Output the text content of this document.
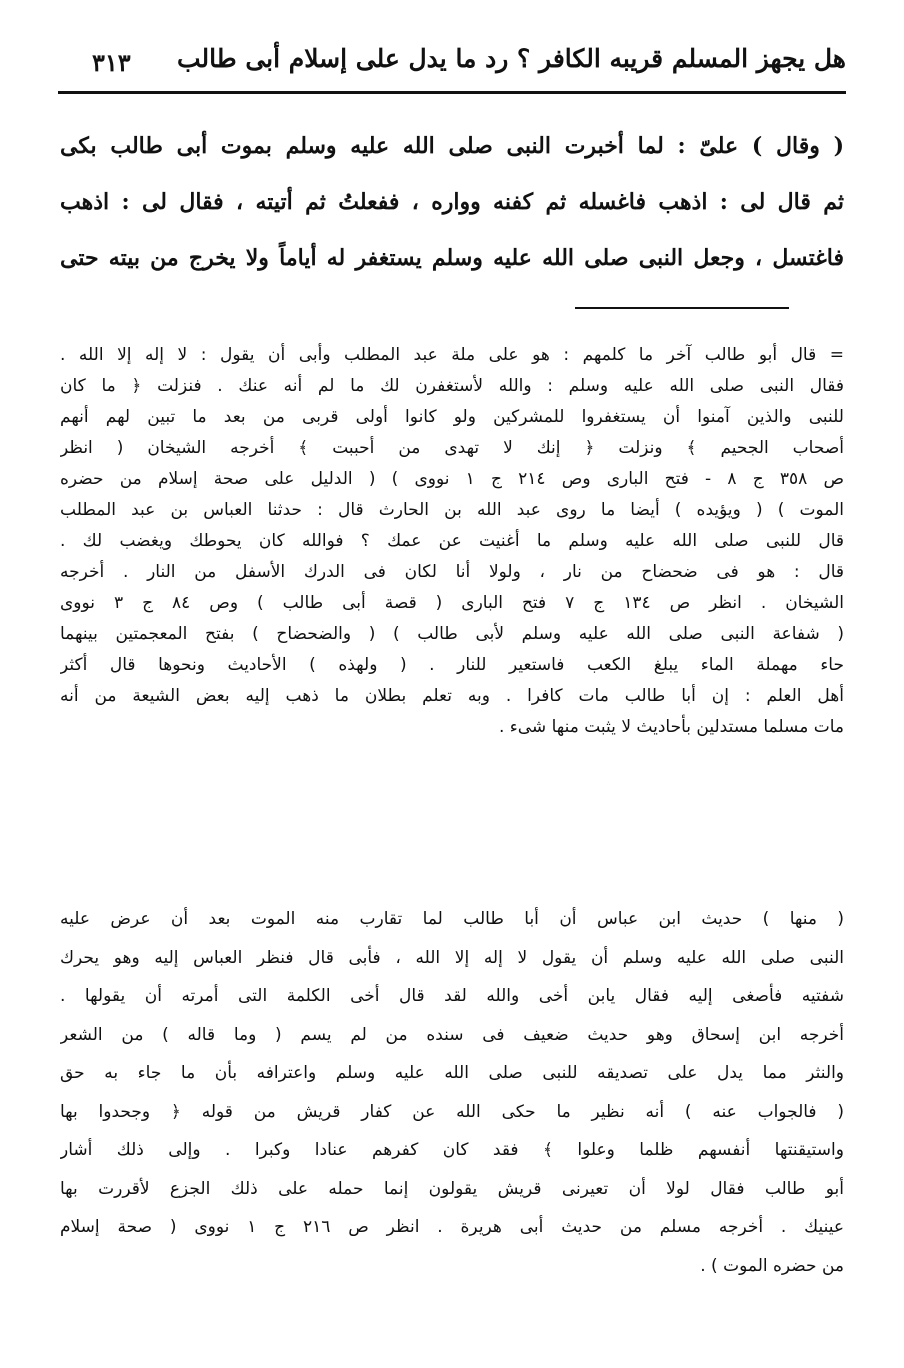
هل يجهز المسلم قريبه الكافر ؟ رد ما يدل على إسلام أبى طالب
٣١٣
( وقال ) علىّ : لما أخبرت النبى صلى الله عليه وسلم بموت أبى طالب بكى
ثم قال لى : اذهب فاغسله ثم كفنه وواره ، ففعلتُ ثم أتيته ، فقال لى : اذهب
فاغتسل ، وجعل النبى صلى الله عليه وسلم يستغفر له أياماً ولا يخرج من بيته حتى
= قال أبو طالب آخر ما كلمهم : هو على ملة عبد المطلب وأبى أن يقول : لا إله إلا الله .
فقال النبى صلى الله عليه وسلم : والله لأستغفرن لك ما لم أنه عنك . فنزلت ﴿ ما كان
للنبى والذين آمنوا أن يستغفروا للمشركين ولو كانوا أولى قربى من بعد ما تبين لهم أنهم
أصحاب الجحيم ﴾ ونزلت ﴿ إنك لا تهدى من أحببت ﴾ أخرجه الشيخان ( انظر
ص ٣٥٨ ج ٨ - فتح البارى وص ٢١٤ ج ١ نووى ) ( الدليل على صحة إسلام من حضره
الموت ) ( ويؤيده ) أيضا ما روى عبد الله بن الحارث قال : حدثنا العباس بن عبد المطلب
قال للنبى صلى الله عليه وسلم ما أغنيت عن عمك ؟ فوالله كان يحوطك ويغضب لك .
قال : هو فى ضحضاح من نار ، ولولا أنا لكان فى الدرك الأسفل من النار . أخرجه
الشيخان . انظر ص ١٣٤ ج ٧ فتح البارى ( قصة أبى طالب ) وص ٨٤ ج ٣ نووى
( شفاعة النبى صلى الله عليه وسلم لأبى طالب ) ( والضحضاح ) بفتح المعجمتين بينهما
حاء مهملة الماء يبلغ الكعب فاستعير للنار . ( ولهذه ) الأحاديث ونحوها قال أكثر
أهل العلم : إن أبا طالب مات كافرا . وبه تعلم بطلان ما ذهب إليه بعض الشيعة من أنه
مات مسلما مستدلين بأحاديث لا يثبت منها شىء .
( منها ) حديث ابن عباس أن أبا طالب لما تقارب منه الموت بعد أن عرض عليه
النبى صلى الله عليه وسلم أن يقول لا إله إلا الله ، فأبى قال فنظر العباس إليه وهو يحرك
شفتيه فأصغى إليه فقال يابن أخى والله لقد قال أخى الكلمة التى أمرته أن يقولها .
أخرجه ابن إسحاق وهو حديث ضعيف فى سنده من لم يسم ( وما قاله ) من الشعر
والنثر مما يدل على تصديقه للنبى صلى الله عليه وسلم واعترافه بأن ما جاء به حق
( فالجواب عنه ) أنه نظير ما حكى الله عن كفار قريش من قوله ﴿ وجحدوا بها
واستيقنتها أنفسهم ظلما وعلوا ﴾ فقد كان كفرهم عنادا وكبرا . وإلى ذلك أشار
أبو طالب فقال لولا أن تعيرنى قريش يقولون إنما حمله على ذلك الجزع لأقررت بها
عينيك . أخرجه مسلم من حديث أبى هريرة . انظر ص ٢١٦ ج ١ نووى ( صحة إسلام
من حضره الموت ) .
